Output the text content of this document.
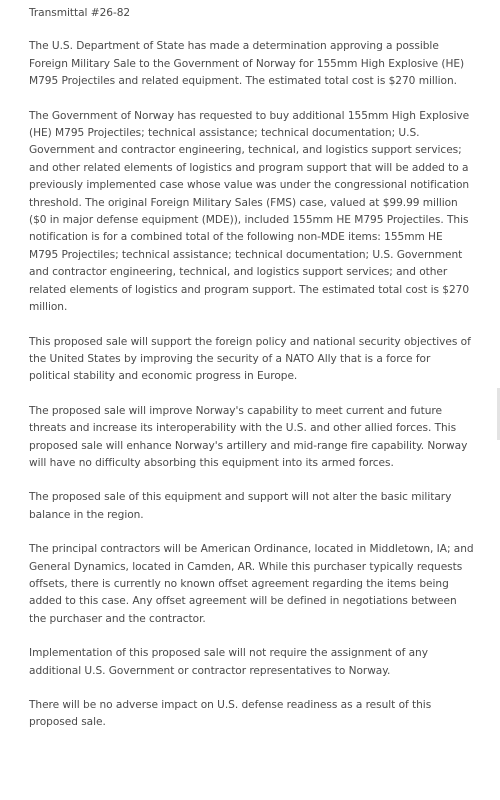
Transmittal #26-82

The U.S. Department of State has made a determination approving a possible Foreign Military Sale to the Government of Norway for 155mm High Explosive (HE) M795 Projectiles and related equipment. The estimated total cost is $270 million.

The Government of Norway has requested to buy additional 155mm High Explosive (HE) M795 Projectiles; technical assistance; technical documentation; U.S. Government and contractor engineering, technical, and logistics support services; and other related elements of logistics and program support that will be added to a previously implemented case whose value was under the congressional notification threshold. The original Foreign Military Sales (FMS) case, valued at $99.99 million ($0 in major defense equipment (MDE)), included 155mm HE M795 Projectiles. This notification is for a combined total of the following non-MDE items: 155mm HE M795 Projectiles; technical assistance; technical documentation; U.S. Government and contractor engineering, technical, and logistics support services; and other related elements of logistics and program support. The estimated total cost is $270 million.

This proposed sale will support the foreign policy and national security objectives of the United States by improving the security of a NATO Ally that is a force for political stability and economic progress in Europe.

The proposed sale will improve Norway's capability to meet current and future threats and increase its interoperability with the U.S. and other allied forces. This proposed sale will enhance Norway's artillery and mid-range fire capability. Norway will have no difficulty absorbing this equipment into its armed forces.

The proposed sale of this equipment and support will not alter the basic military balance in the region.

The principal contractors will be American Ordinance, located in Middletown, IA; and General Dynamics, located in Camden, AR. While this purchaser typically requests offsets, there is currently no known offset agreement regarding the items being added to this case. Any offset agreement will be defined in negotiations between the purchaser and the contractor.

Implementation of this proposed sale will not require the assignment of any additional U.S. Government or contractor representatives to Norway.

There will be no adverse impact on U.S. defense readiness as a result of this proposed sale.
